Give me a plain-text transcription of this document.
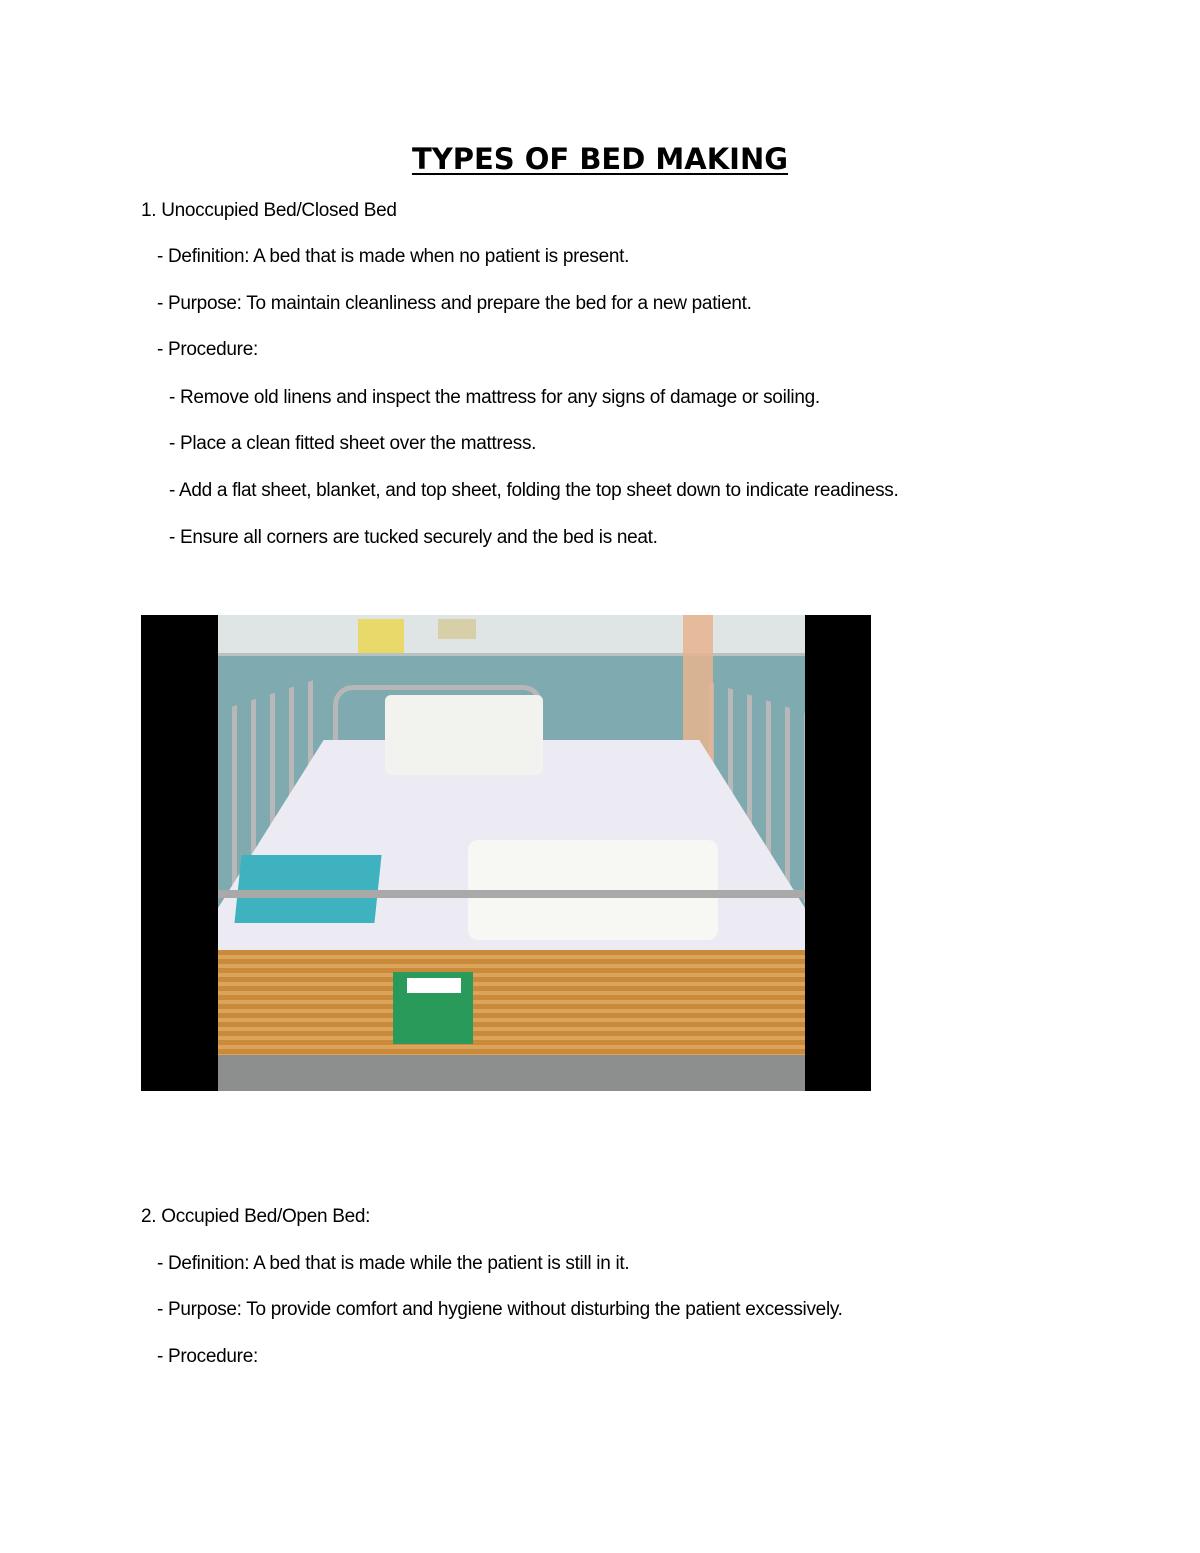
TYPES OF BED MAKING
1. Unoccupied Bed/Closed Bed
- Definition: A bed that is made when no patient is present.
- Purpose: To maintain cleanliness and prepare the bed for a new patient.
- Procedure:
- Remove old linens and inspect the mattress for any signs of damage or soiling.
- Place a clean fitted sheet over the mattress.
- Add a flat sheet, blanket, and top sheet, folding the top sheet down to indicate readiness.
- Ensure all corners are tucked securely and the bed is neat.
2. Occupied Bed/Open Bed:
- Definition: A bed that is made while the patient is still in it.
- Purpose: To provide comfort and hygiene without disturbing the patient excessively.
- Procedure:
